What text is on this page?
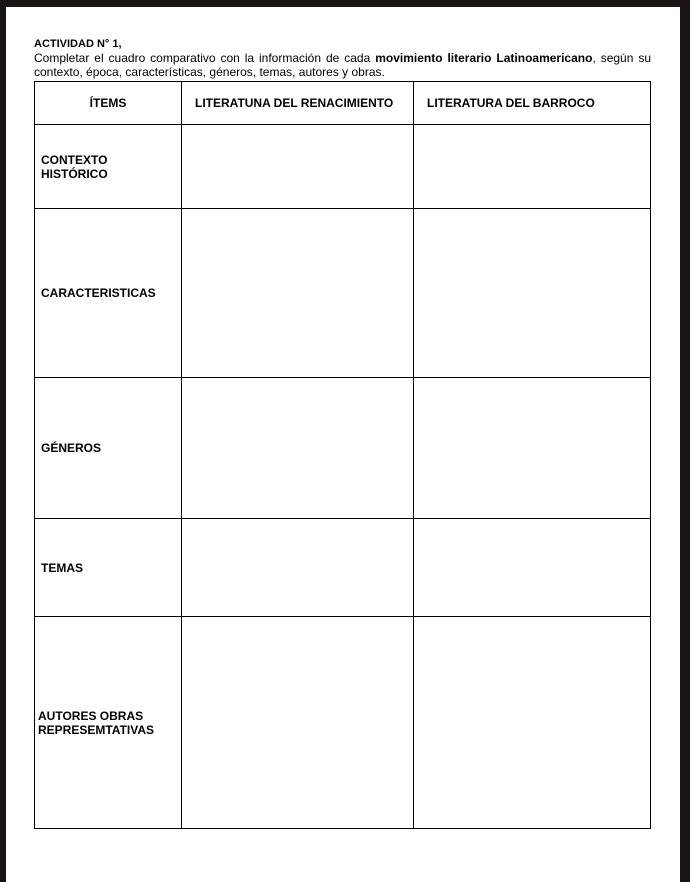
ACTIVIDAD N° 1,
Completar el cuadro comparativo con la información de cada movimiento literario Latinoamericano, según su contexto, época, características, géneros, temas, autores y obras.
ÍTEMS	LITERATUNA DEL RENACIMIENTO	LITERATURA DEL BARROCO

CONTEXTO
HISTÓRICO		

CARACTERISTICAS		

GÉNEROS		

TEMAS		

AUTORES OBRAS
REPRESEMTATIVAS		
